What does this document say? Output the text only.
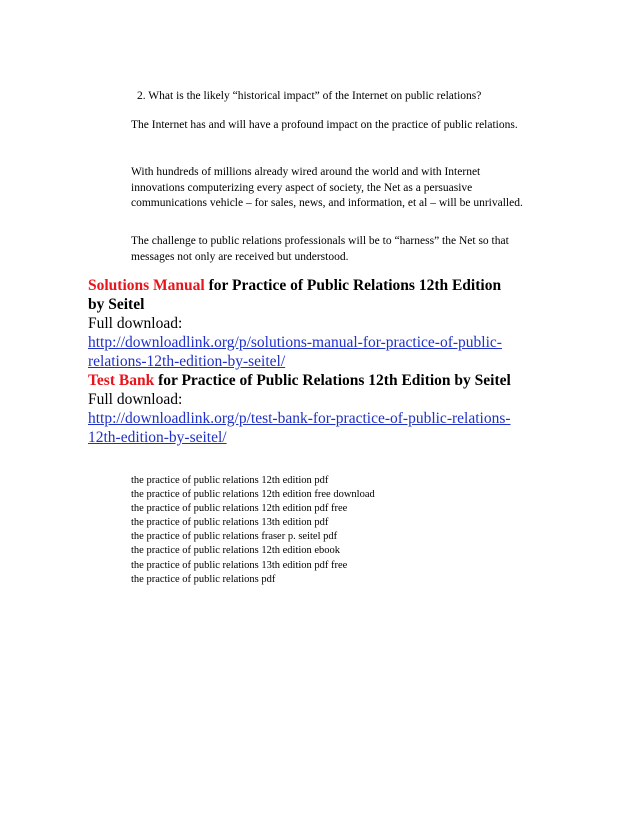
2. What is the likely “historical impact” of the Internet on public relations?
The Internet has and will have a profound impact on the practice of public relations.
With hundreds of millions already wired around the world and with Internet innovations computerizing every aspect of society, the Net as a persuasive communications vehicle – for sales, news, and information, et al – will be unrivalled.
The challenge to public relations professionals will be to “harness” the Net so that messages not only are received but understood.
Solutions Manual for Practice of Public Relations 12th Edition
by Seitel
Full download:
http://downloadlink.org/p/solutions-manual-for-practice-of-public-
relations-12th-edition-by-seitel/
Test Bank for Practice of Public Relations 12th Edition by Seitel
Full download:
http://downloadlink.org/p/test-bank-for-practice-of-public-relations-
12th-edition-by-seitel/
the practice of public relations 12th edition pdf
the practice of public relations 12th edition free download
the practice of public relations 12th edition pdf free
the practice of public relations 13th edition pdf
the practice of public relations fraser p. seitel pdf
the practice of public relations 12th edition ebook
the practice of public relations 13th edition pdf free
the practice of public relations pdf
